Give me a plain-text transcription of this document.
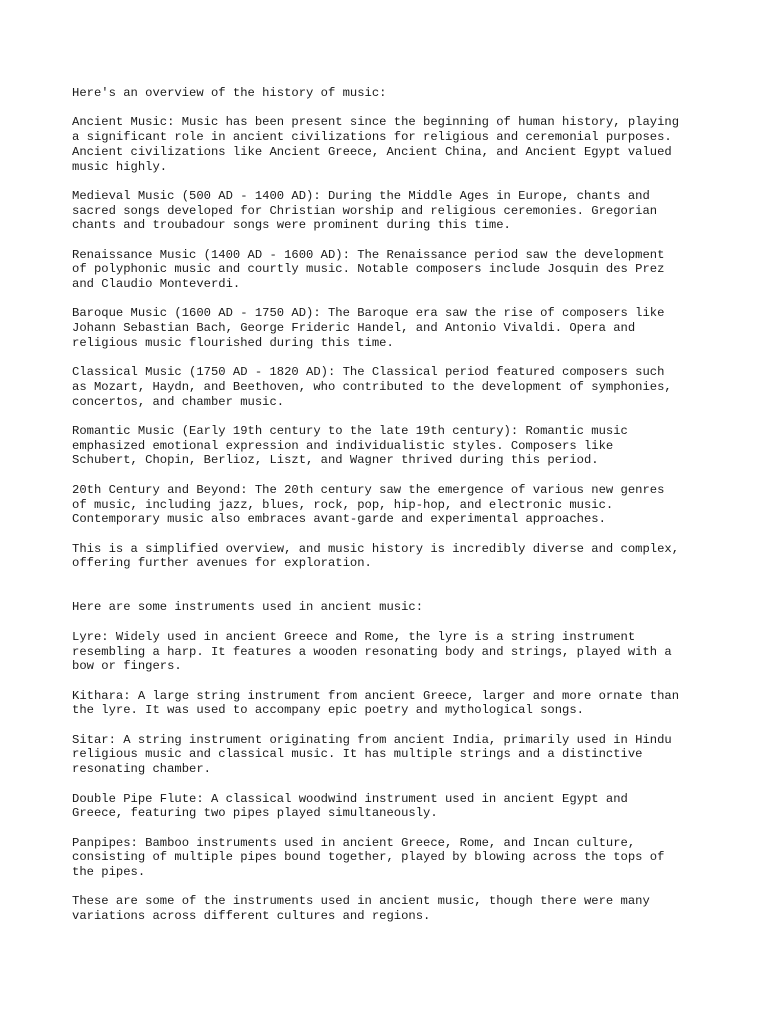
Here's an overview of the history of music:

Ancient Music: Music has been present since the beginning of human history, playing
a significant role in ancient civilizations for religious and ceremonial purposes.
Ancient civilizations like Ancient Greece, Ancient China, and Ancient Egypt valued
music highly.

Medieval Music (500 AD - 1400 AD): During the Middle Ages in Europe, chants and
sacred songs developed for Christian worship and religious ceremonies. Gregorian
chants and troubadour songs were prominent during this time.

Renaissance Music (1400 AD - 1600 AD): The Renaissance period saw the development
of polyphonic music and courtly music. Notable composers include Josquin des Prez
and Claudio Monteverdi.

Baroque Music (1600 AD - 1750 AD): The Baroque era saw the rise of composers like
Johann Sebastian Bach, George Frideric Handel, and Antonio Vivaldi. Opera and
religious music flourished during this time.

Classical Music (1750 AD - 1820 AD): The Classical period featured composers such
as Mozart, Haydn, and Beethoven, who contributed to the development of symphonies,
concertos, and chamber music.

Romantic Music (Early 19th century to the late 19th century): Romantic music
emphasized emotional expression and individualistic styles. Composers like
Schubert, Chopin, Berlioz, Liszt, and Wagner thrived during this period.

20th Century and Beyond: The 20th century saw the emergence of various new genres
of music, including jazz, blues, rock, pop, hip-hop, and electronic music.
Contemporary music also embraces avant-garde and experimental approaches.

This is a simplified overview, and music history is incredibly diverse and complex,
offering further avenues for exploration.

Here are some instruments used in ancient music:

Lyre: Widely used in ancient Greece and Rome, the lyre is a string instrument
resembling a harp. It features a wooden resonating body and strings, played with a
bow or fingers.

Kithara: A large string instrument from ancient Greece, larger and more ornate than
the lyre. It was used to accompany epic poetry and mythological songs.

Sitar: A string instrument originating from ancient India, primarily used in Hindu
religious music and classical music. It has multiple strings and a distinctive
resonating chamber.

Double Pipe Flute: A classical woodwind instrument used in ancient Egypt and
Greece, featuring two pipes played simultaneously.

Panpipes: Bamboo instruments used in ancient Greece, Rome, and Incan culture,
consisting of multiple pipes bound together, played by blowing across the tops of
the pipes.

These are some of the instruments used in ancient music, though there were many
variations across different cultures and regions.
